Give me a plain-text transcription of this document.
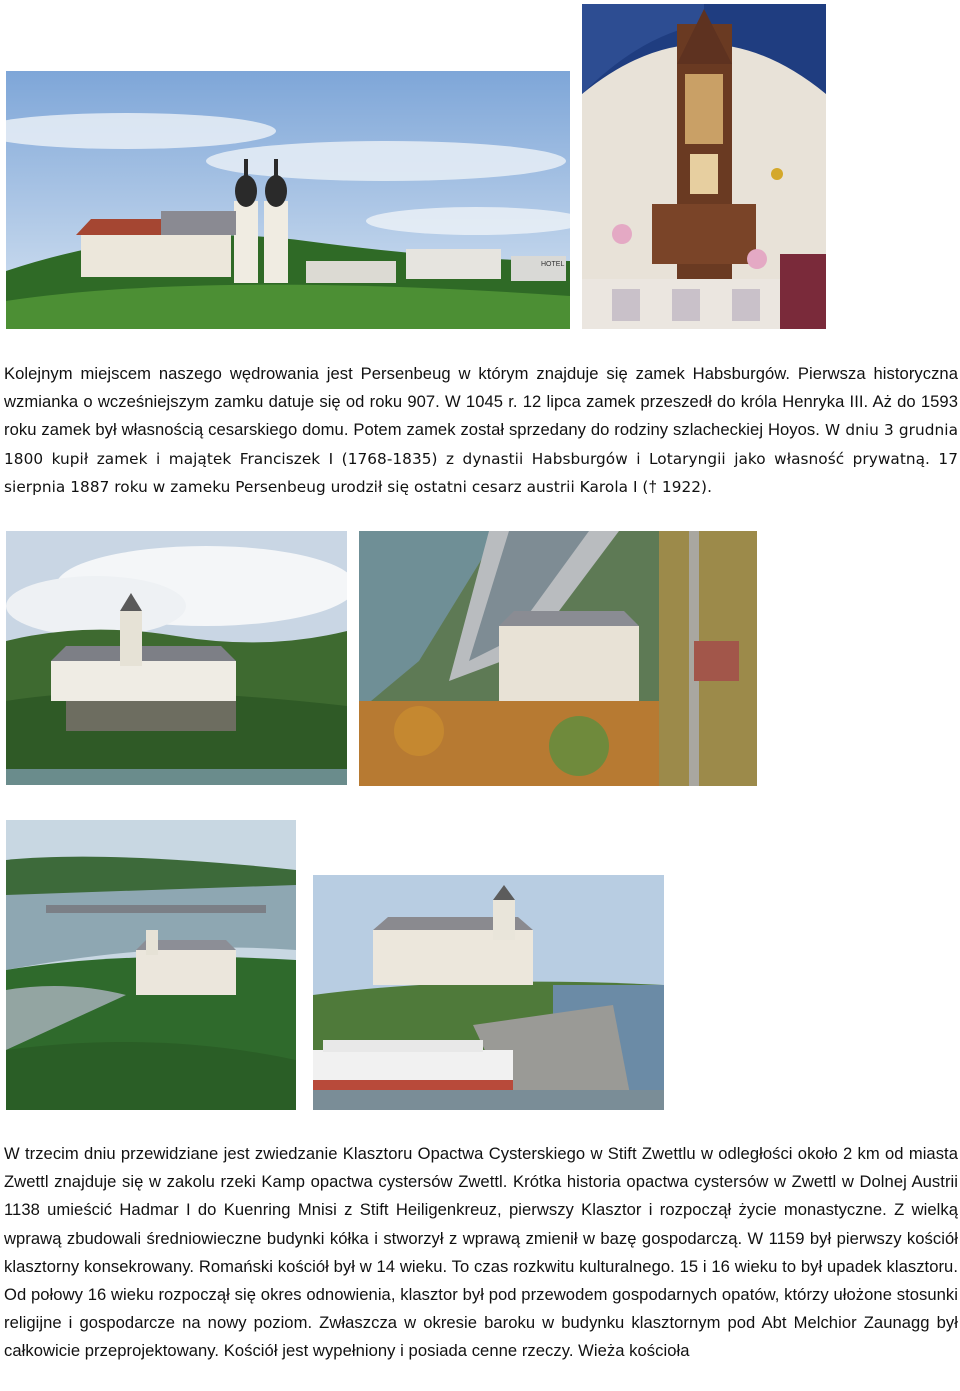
HOTEL

Kolejnym miejscem naszego wędrowania jest Persenbeug w którym znajduje się zamek Habsburgów. Pierwsza historyczna wzmianka o wcześniejszym zamku datuje się od roku 907. W 1045 r. 12 lipca zamek przeszedł do króla Henryka III. Aż do 1593 roku zamek był własnością cesarskiego domu. Potem zamek został sprzedany do rodziny szlacheckiej Hoyos. W dniu 3 grudnia 1800 kupił zamek i majątek Franciszek I (1768-1835) z dynastii Habsburgów i Lotaryngii jako własność prywatną. 17 sierpnia 1887 roku w zameku Persenbeug urodził się ostatni cesarz austrii Karola I († 1922).

W trzecim dniu przewidziane jest zwiedzanie Klasztoru Opactwa Cysterskiego w Stift Zwettlu w odległości około 2 km od miasta Zwettl znajduje się w zakolu rzeki Kamp opactwa cystersów Zwettl. Krótka historia opactwa cystersów w Zwettl w Dolnej Austrii 1138 umieścić Hadmar I do Kuenring Mnisi z Stift Heiligenkreuz, pierwszy Klasztor i rozpoczął życie monastyczne. Z wielką wprawą zbudowali średniowieczne budynki kółka i stworzył z wprawą zmienił w bazę gospodarczą. W 1159 był pierwszy kościół klasztorny konsekrowany. Romański kościół był w 14 wieku. To czas rozkwitu kulturalnego. 15 i 16 wieku to był upadek klasztoru. Od połowy 16 wieku rozpoczął się okres odnowienia, klasztor był pod przewodem gospodarnych opatów, którzy ułożone stosunki religijne i gospodarcze na nowy poziom. Zwłaszcza w okresie baroku w budynku klasztornym pod Abt Melchior Zaunagg był całkowicie przeprojektowany. Kościół jest wypełniony i posiada cenne rzeczy. Wieża kościoła
